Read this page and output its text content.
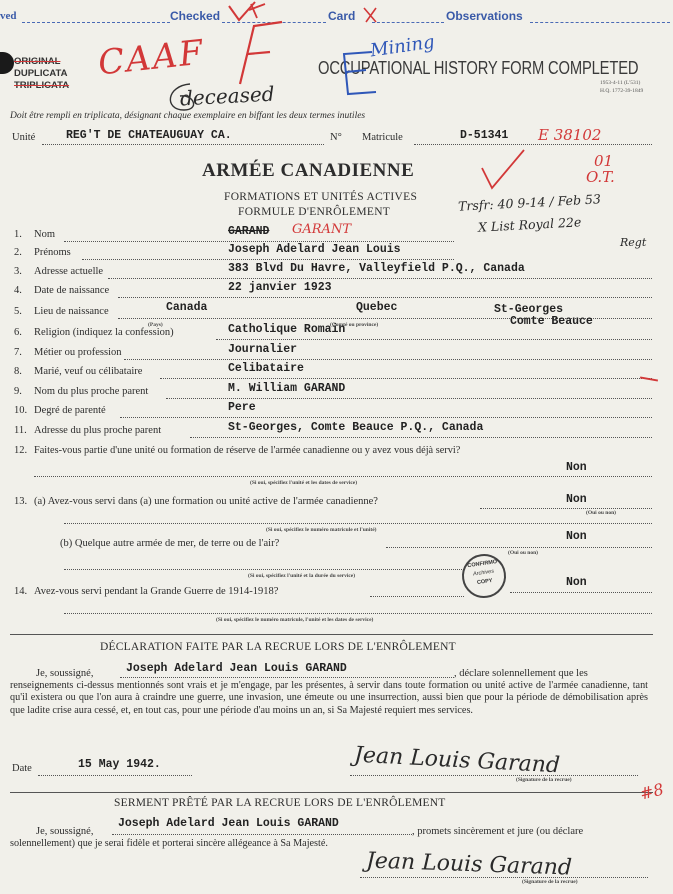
ved	Checked	Card	Observations
ORIGINAL
DUPLICATA
TRIPLICATA
OCCUPATIONAL HISTORY FORM COMPLETED
1953-4-11 (L'531)
H.Q. 1772-39-1849
CAAF
deceased
Mining
Doit être rempli en triplicata, désignant chaque exemplaire en biffant les deux termes inutiles
Unité	REG'T DE CHATEAUGUAY CA.	N° Matricule	D-51341 E 38102
ARMÉE CANADIENNE
FORMATIONS ET UNITÉS ACTIVES
FORMULE D'ENRÔLEMENT
01
O.T.
Trsfr: 40 9-14 / Feb 53
X List Royal 22e
Regt
1. Nom	GARAND GARANT
2. Prénoms	Joseph Adelard Jean Louis
3. Adresse actuelle	383 Blvd Du Havre, Valleyfield P.Q., Canada
4. Date de naissance	22 janvier 1923
5. Lieu de naissance	Canada	Quebec	St-Georges
Comte Beauce
(Pays)	(Comté ou province)
6. Religion (indiquez la confession)	Catholique Romain
7. Métier ou profession	Journalier
8. Marié, veuf ou célibataire	Celibataire
9. Nom du plus proche parent	M. William GARAND
10. Degré de parenté	Pere
11. Adresse du plus proche parent	St-Georges, Comte Beauce P.Q., Canada
12. Faites-vous partie d'une unité ou formation de réserve de l'armée canadienne ou y avez vous déjà servi?
Non
(Si oui, spécifiez l'unité et les dates de service)
13. (a) Avez-vous servi dans (a) une formation ou unité active de l'armée canadienne?	Non
(Oui ou non)
(Si oui, spécifiez le numéro matricule et l'unité)
(b) Quelque autre armée de mer, de terre ou de l'air?
Non
(Oui ou non)
(Si oui, spécifiez l'unité et la durée du service)
14. Avez-vous servi pendant la Grande Guerre de 1914-1918?
Non
(Si oui, spécifiez le numéro matricule, l'unité et les dates de service)
CONFIRMO
Archives
COPY
DÉCLARATION FAITE PAR LA RECRUE LORS DE L'ENRÔLEMENT
Je, soussigné,	Joseph Adelard Jean Louis GARAND	, déclare solennellement que les
renseignements ci-dessus mentionnés sont vrais et je m'engage, par les présentes, à servir dans toute formation ou unité active de l'armée canadienne, tant qu'il existera ou que l'on aura à craindre une guerre, une invasion, une émeute ou une insurrection, aussi bien que pour la période de démobilisation après que ladite crise aura cessé, et, en tout cas, pour une période d'au moins un an, si Sa Majesté requiert mes services.
Date	15 May 1942.	Jean Louis Garand
(Signature de la recrue)
SERMENT PRÊTÉ PAR LA RECRUE LORS DE L'ENRÔLEMENT
Je, soussigné,
Joseph Adelard Jean Louis GARAND
, promets sincèrement et jure (ou déclare
solennellement) que je serai fidèle et porterai sincère allégeance à Sa Majesté.
Jean Louis Garand
(Signature de la recrue)
#8
